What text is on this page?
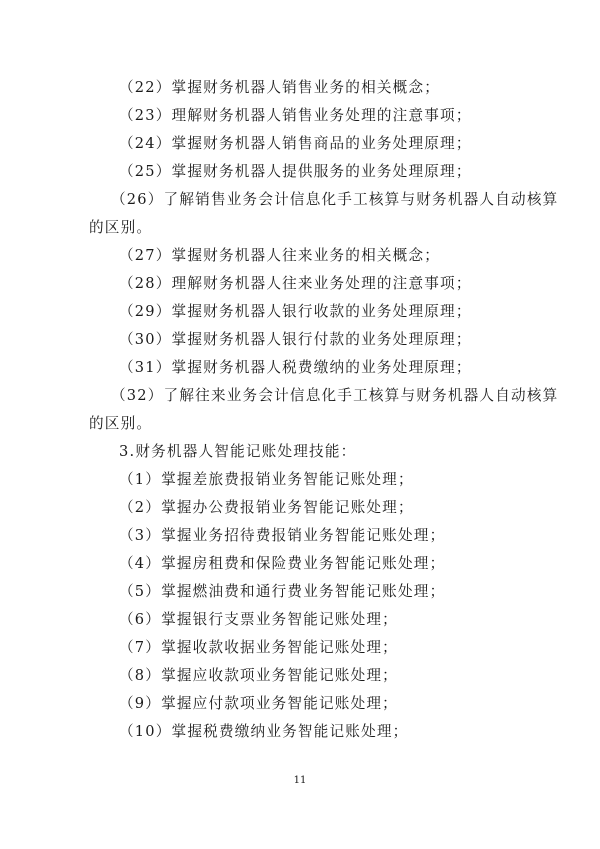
（22）掌握财务机器人销售业务的相关概念；
（23）理解财务机器人销售业务处理的注意事项；
（24）掌握财务机器人销售商品的业务处理原理；
（25）掌握财务机器人提供服务的业务处理原理；
（26）了解销售业务会计信息化手工核算与财务机器人自动核算
的区别。
（27）掌握财务机器人往来业务的相关概念；
（28）理解财务机器人往来业务处理的注意事项；
（29）掌握财务机器人银行收款的业务处理原理；
（30）掌握财务机器人银行付款的业务处理原理；
（31）掌握财务机器人税费缴纳的业务处理原理；
（32）了解往来业务会计信息化手工核算与财务机器人自动核算
的区别。
3.财务机器人智能记账处理技能：
（1）掌握差旅费报销业务智能记账处理；
（2）掌握办公费报销业务智能记账处理；
（3）掌握业务招待费报销业务智能记账处理；
（4）掌握房租费和保险费业务智能记账处理；
（5）掌握燃油费和通行费业务智能记账处理；
（6）掌握银行支票业务智能记账处理；
（7）掌握收款收据业务智能记账处理；
（8）掌握应收款项业务智能记账处理；
（9）掌握应付款项业务智能记账处理；
（10）掌握税费缴纳业务智能记账处理；
11
